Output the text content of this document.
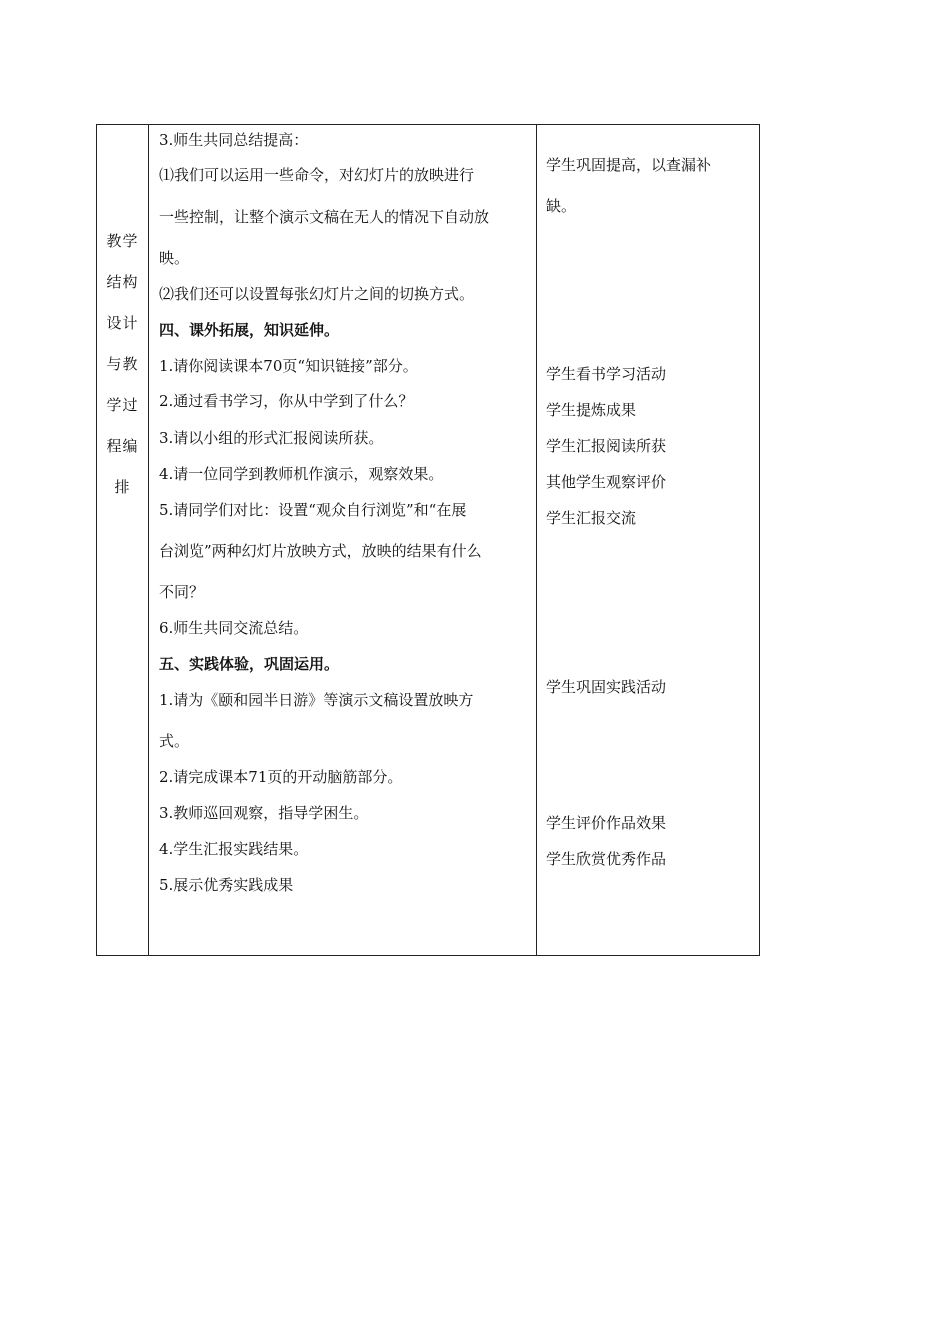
教学
结构
设计
与教
学过
程编
排
3.师生共同总结提高：
⑴我们可以运用一些命令，对幻灯片的放映进行
一些控制，让整个演示文稿在无人的情况下自动放
映。
⑵我们还可以设置每张幻灯片之间的切换方式。
四、课外拓展，知识延伸。
1.请你阅读课本70页“知识链接”部分。
2.通过看书学习，你从中学到了什么？
3.请以小组的形式汇报阅读所获。
4.请一位同学到教师机作演示，观察效果。
5.请同学们对比：设置“观众自行浏览”和“在展
台浏览”两种幻灯片放映方式，放映的结果有什么
不同？
6.师生共同交流总结。
五、实践体验，巩固运用。
1.请为《颐和园半日游》等演示文稿设置放映方
式。
2.请完成课本71页的开动脑筋部分。
3.教师巡回观察，指导学困生。
4.学生汇报实践结果。
5.展示优秀实践成果
学生巩固提高，以查漏补
缺。
学生看书学习活动
学生提炼成果
学生汇报阅读所获
其他学生观察评价
学生汇报交流
学生巩固实践活动
学生评价作品效果
学生欣赏优秀作品
